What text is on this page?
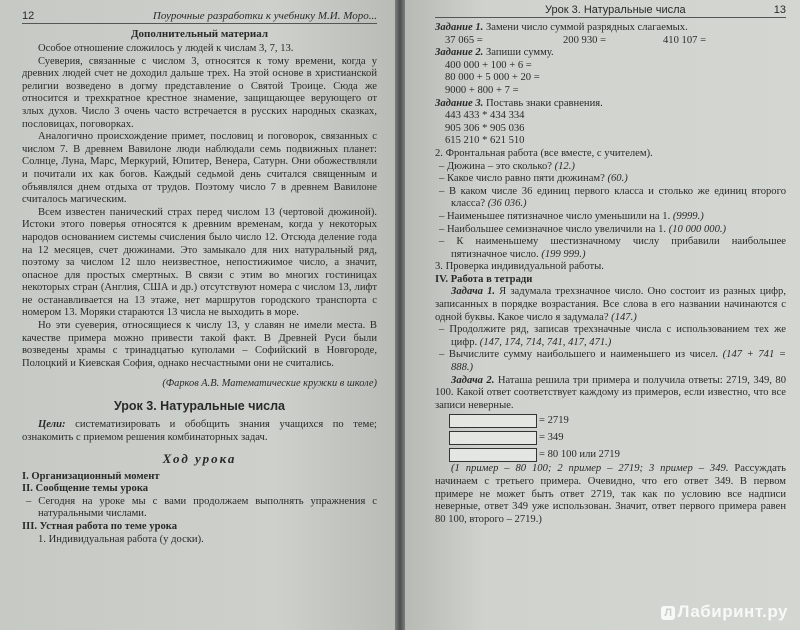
12	Поурочные разработки к учебнику М.И. Моро...
Дополнительный материал

Особое отношение сложилось у людей к числам 3, 7, 13.

Суеверия, связанные с числом 3, относятся к тому времени, когда у древних людей счет не доходил дальше трех. На этой основе в христианской религии возведено в догму представление о Святой Троице. Сюда же относится и трехкратное крестное знамение, защищающее верующего от злых духов. Число 3 очень часто встречается в русских народных сказках, пословицах, поговорках.

Аналогично происхождение примет, пословиц и поговорок, связанных с числом 7. В древнем Вавилоне люди наблюдали семь подвижных планет: Солнце, Луна, Марс, Меркурий, Юпитер, Венера, Сатурн. Они обожествляли и почитали их как богов. Каждый седьмой день считался священным и объявлялся днем отдыха от трудов. Поэтому число 7 в древнем Вавилоне считалось магическим.

Всем известен панический страх перед числом 13 (чертовой дюжиной). Истоки этого поверья относятся к древним временам, когда у некоторых народов основанием системы счисления было число 12. Отсюда деление года на 12 месяцев, счет дюжинами. Это замыкало для них натуральный ряд, поэтому за числом 12 шло неизвестное, непостижимое число, а значит, опасное для простых смертных. В связи с этим во многих гостиницах некоторых стран (Англия, США и др.) отсутствуют номера с числом 13, лифт не останавливается на 13 этаже, нет маршрутов городского транспорта с номером 13. Моряки стараются 13 числа не выходить в море.

Но эти суеверия, относящиеся к числу 13, у славян не имели места. В качестве примера можно привести такой факт. В Древней Руси были возведены храмы с тринадцатью куполами – Софийский в Новгороде, Полоцкий и Киевская София, однако несчастными они не считались.

(Фарков А.В. Математические кружки в школе)
Урок 3. Натуральные числа

Цели: систематизировать и обобщить знания учащихся по теме; ознакомить с приемом решения комбинаторных задач.

Ход урока
I. Организационный момент
II. Сообщение темы урока

– Сегодня на уроке мы с вами продолжаем выполнять упражнения с натуральными числами.

III. Устная работа по теме урока

1. Индивидуальная работа (у доски).

Урок 3. Натуральные числа	13
Задание 1. Замени число суммой разрядных слагаемых.
37 065 =	200 930 =	410 107 =
Задание 2. Запиши сумму.
400 000 + 100 + 6 =
80 000 + 5 000 + 20 =
9000 + 800 + 7 =
Задание 3. Поставь знаки сравнения.
443 433 * 434 334
905 306 * 905 036
615 210 * 621 510

2. Фронтальная работа (все вместе, с учителем).

– Дюжина – это сколько? (12.)

– Какое число равно пяти дюжинам? (60.)

– В каком числе 36 единиц первого класса и столько же единиц второго класса? (36 036.)

– Наименьшее пятизначное число уменьшили на 1. (9999.)

– Наибольшее семизначное число увеличили на 1. (10 000 000.)

– К наименьшему шестизначному числу прибавили наибольшее пятизначное число. (199 999.)

3. Проверка индивидуальной работы.

IV. Работа в тетради

Задача 1. Я задумала трехзначное число. Оно состоит из разных цифр, записанных в порядке возрастания. Все слова в его названии начинаются с одной буквы. Какое число я задумала? (147.)

– Продолжите ряд, записав трехзначные числа с использованием тех же цифр. (147, 174, 714, 741, 417, 471.)

– Вычислите сумму наибольшего и наименьшего из чисел. (147 + 741 = 888.)

Задача 2. Наташа решила три примера и получила ответы: 2719, 349, 80 100. Какой ответ соответствует каждому из примеров, если известно, что все записи неверные.

= 2719
= 349
= 80 100 или 2719

(1 пример – 80 100; 2 пример – 2719; 3 пример – 349. Рассуждать начинаем с третьего примера. Очевидно, что его ответ 349. В первом примере не может быть ответ 2719, так как по условию все надписи неверные, ответ 349 уже использован. Значит, ответ первого примера равен 80 100, второго – 2719.)

Л Лабиринт.ру
